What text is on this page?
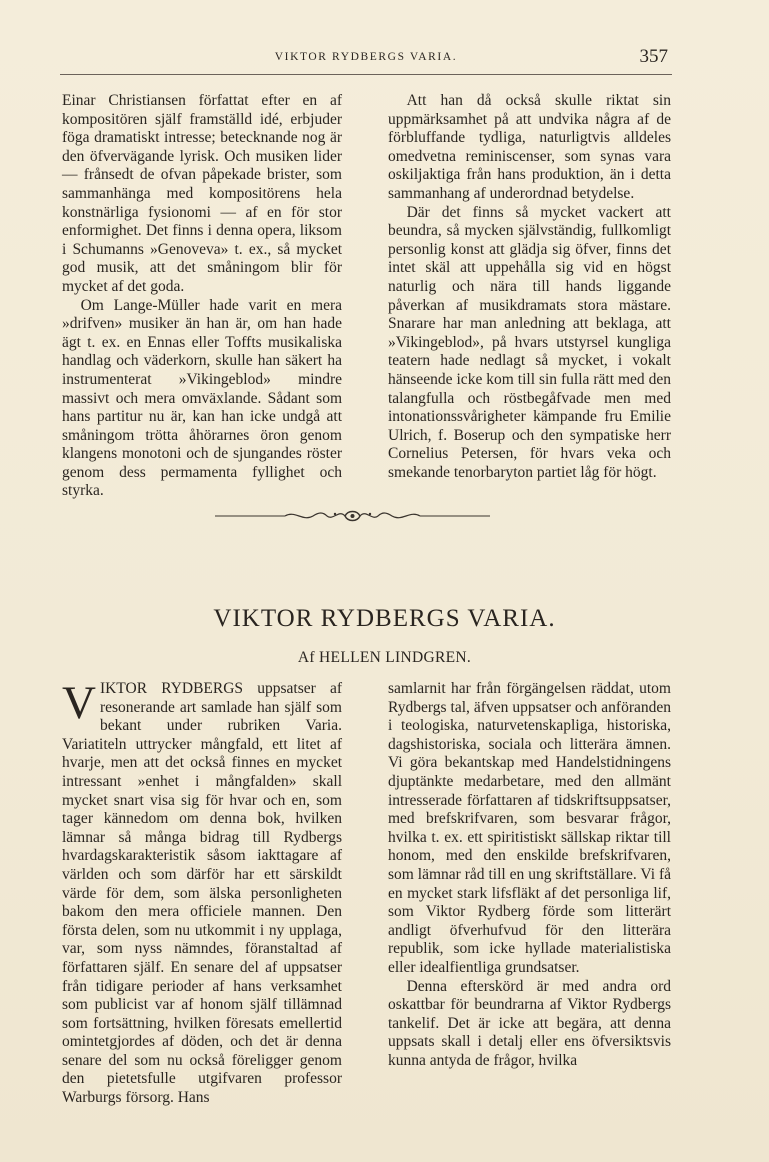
VIKTOR RYDBERGS VARIA.	357

Einar Christiansen författat efter en af kompositören själf framställd idé, erbjuder föga dramatiskt intresse; betecknande nog är den öfvervägande lyrisk. Och musiken lider — frånsedt de ofvan påpekade brister, som sammanhänga med kompositörens hela konstnärliga fysionomi — af en för stor enformighet. Det finns i denna opera, liksom i Schumanns »Genoveva» t. ex., så mycket god musik, att det småningom blir för mycket af det goda.

Om Lange-Müller hade varit en mera »drifven» musiker än han är, om han hade ägt t. ex. en Ennas eller Toffts musikaliska handlag och väderkorn, skulle han säkert ha instrumenterat »Vikingeblod» mindre massivt och mera omväxlande. Sådant som hans partitur nu är, kan han icke undgå att småningom trötta åhörarnes öron genom klangens monotoni och de sjungandes röster genom dess permamenta fyllighet och styrka.

Att han då också skulle riktat sin uppmärksamhet på att undvika några af de förbluffande tydliga, naturligtvis alldeles omedvetna reminiscenser, som synas vara oskiljaktiga från hans produktion, än i detta sammanhang af underordnad betydelse.

Där det finns så mycket vackert att beundra, så mycken självständig, fullkomligt personlig konst att glädja sig öfver, finns det intet skäl att uppehålla sig vid en högst naturlig och nära till hands liggande påverkan af musikdramats stora mästare. Snarare har man anledning att beklaga, att »Vikingeblod», på hvars utstyrsel kungliga teatern hade nedlagt så mycket, i vokalt hänseende icke kom till sin fulla rätt med den talangfulla och röstbegåfvade men med intonationssvårigheter kämpande fru Emilie Ulrich, f. Boserup och den sympatiske herr Cornelius Petersen, för hvars veka och smekande tenorbaryton partiet låg för högt.

VIKTOR RYDBERGS VARIA.
Af HELLEN LINDGREN.

VIKTOR RYDBERGS uppsatser af resonerande art samlade han själf som bekant under rubriken Varia. Variatiteln uttrycker mångfald, ett litet af hvarje, men att det också finnes en mycket intressant »enhet i mångfalden» skall mycket snart visa sig för hvar och en, som tager kännedom om denna bok, hvilken lämnar så många bidrag till Rydbergs hvardagskarakteristik såsom iakttagare af världen och som därför har ett särskildt värde för dem, som älska personligheten bakom den mera officiele mannen. Den första delen, som nu utkommit i ny upplaga, var, som nyss nämndes, föranstaltad af författaren själf. En senare del af uppsatser från tidigare perioder af hans verksamhet som publicist var af honom själf tillämnad som fortsättning, hvilken föresats emellertid omintetgjordes af döden, och det är denna senare del som nu också föreligger genom den pietetsfulle utgifvaren professor Warburgs försorg. Hans

samlarnit har från förgängelsen räddat, utom Rydbergs tal, äfven uppsatser och anföranden i teologiska, naturvetenskapliga, historiska, dagshistoriska, sociala och litterära ämnen. Vi göra bekantskap med Handelstidningens djuptänkte medarbetare, med den allmänt intresserade författaren af tidskriftsuppsatser, med brefskrifvaren, som besvarar frågor, hvilka t. ex. ett spiritistiskt sällskap riktar till honom, med den enskilde brefskrifvaren, som lämnar råd till en ung skriftställare. Vi få en mycket stark lifsfläkt af det personliga lif, som Viktor Rydberg förde som litterärt andligt öfverhufvud för den litterära republik, som icke hyllade materialistiska eller idealfientliga grundsatser.

Denna efterskörd är med andra ord oskattbar för beundrarna af Viktor Rydbergs tankelif. Det är icke att begära, att denna uppsats skall i detalj eller ens öfversiktsvis kunna antyda de frågor, hvilka
